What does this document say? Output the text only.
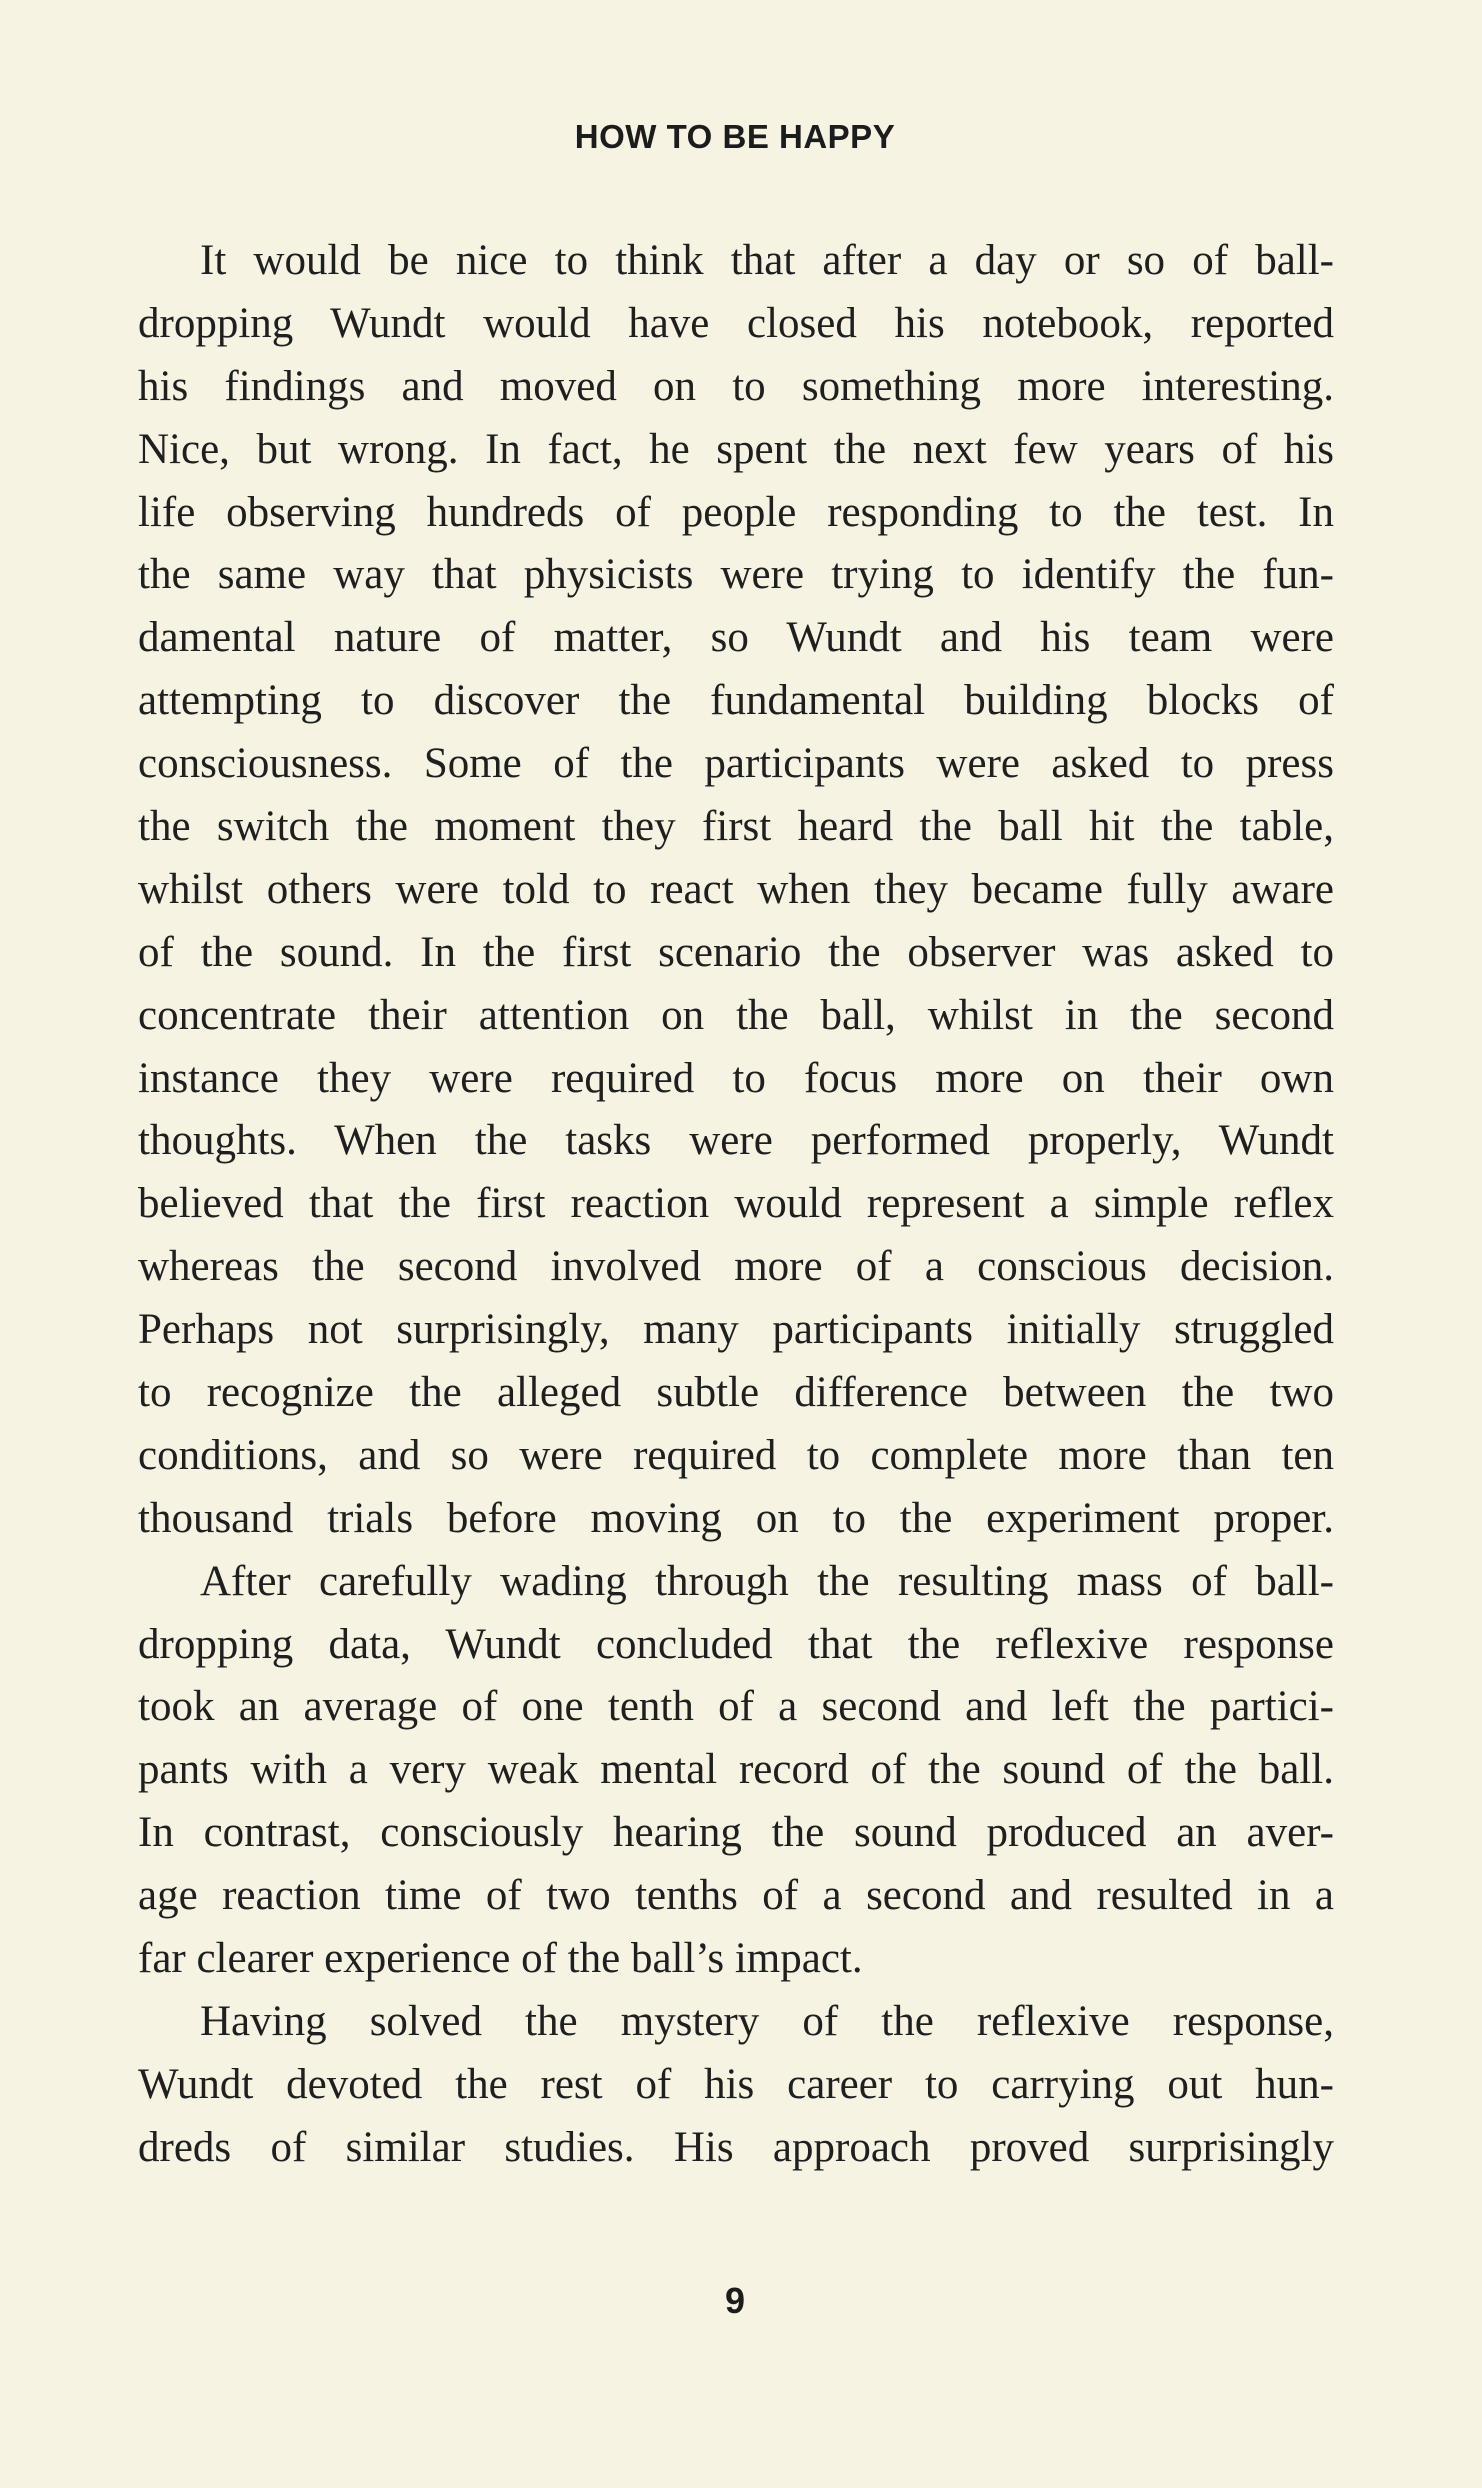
HOW TO BE HAPPY
It would be nice to think that after a day or so of ball-
dropping Wundt would have closed his notebook, reported
his findings and moved on to something more interesting.
Nice, but wrong. In fact, he spent the next few years of his
life observing hundreds of people responding to the test. In
the same way that physicists were trying to identify the fun-
damental nature of matter, so Wundt and his team were
attempting to discover the fundamental building blocks of
consciousness. Some of the participants were asked to press
the switch the moment they first heard the ball hit the table,
whilst others were told to react when they became fully aware
of the sound. In the first scenario the observer was asked to
concentrate their attention on the ball, whilst in the second
instance they were required to focus more on their own
thoughts. When the tasks were performed properly, Wundt
believed that the first reaction would represent a simple reflex
whereas the second involved more of a conscious decision.
Perhaps not surprisingly, many participants initially struggled
to recognize the alleged subtle difference between the two
conditions, and so were required to complete more than ten
thousand trials before moving on to the experiment proper.
After carefully wading through the resulting mass of ball-
dropping data, Wundt concluded that the reflexive response
took an average of one tenth of a second and left the partici-
pants with a very weak mental record of the sound of the ball.
In contrast, consciously hearing the sound produced an aver-
age reaction time of two tenths of a second and resulted in a
far clearer experience of the ball’s impact.
Having solved the mystery of the reflexive response,
Wundt devoted the rest of his career to carrying out hun-
dreds of similar studies. His approach proved surprisingly
9
